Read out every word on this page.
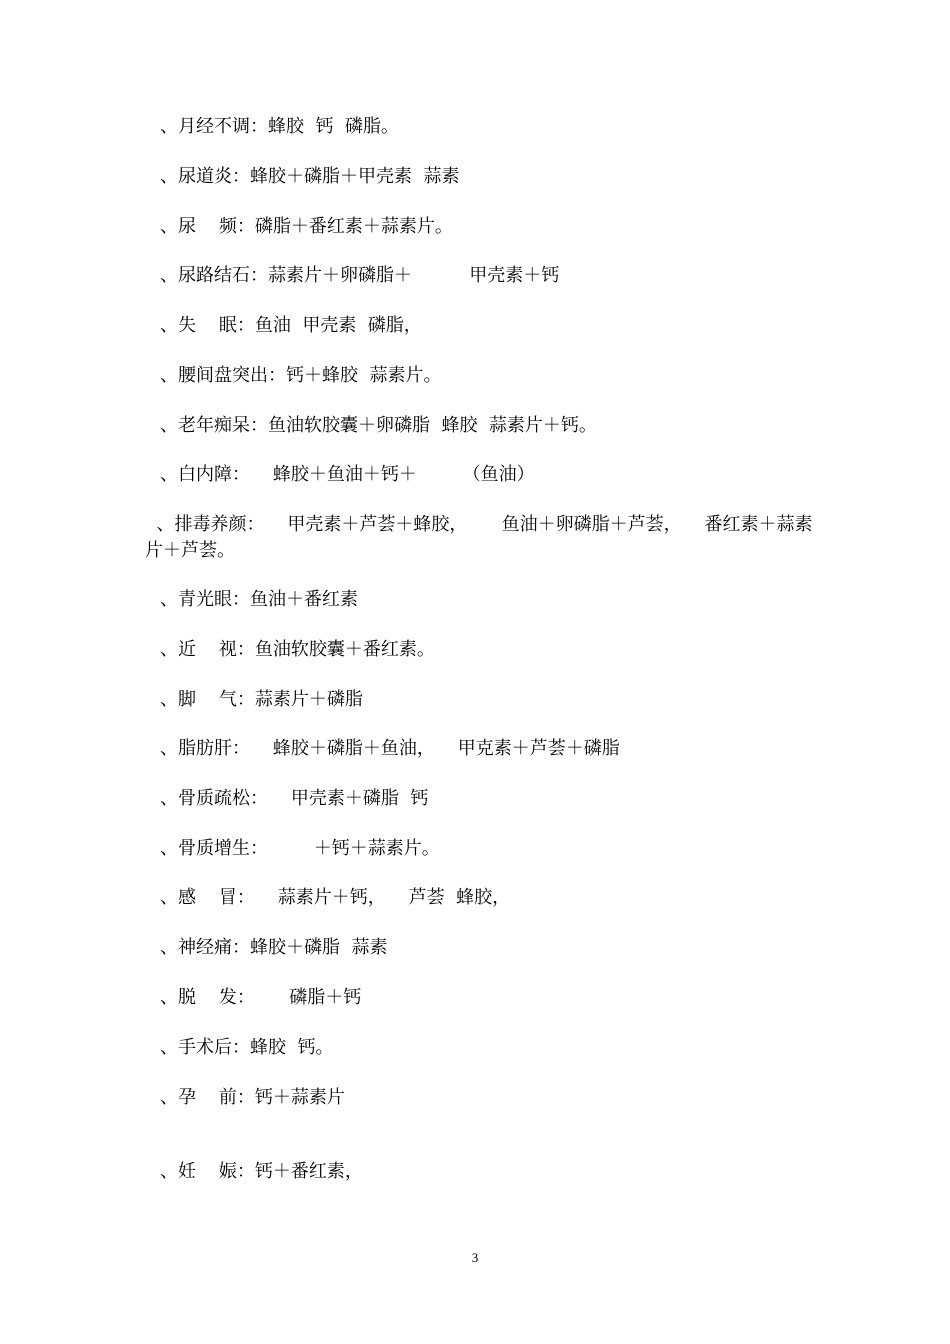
、月经不调：蜂胶  钙  磷脂。
、尿道炎：蜂胶＋磷脂＋甲壳素  蒜素
、尿    频：磷脂＋番红素＋蒜素片。
、尿路结石：蒜素片＋卵磷脂＋          甲壳素＋钙
、失    眠：鱼油  甲壳素  磷脂，
、腰间盘突出：钙＋蜂胶  蒜素片。
、老年痴呆：鱼油软胶囊＋卵磷脂  蜂胶  蒜素片＋钙。
、白内障：    蜂胶＋鱼油＋钙＋        （鱼油）
、排毒养颜：    甲壳素＋芦荟＋蜂胶，      鱼油＋卵磷脂＋芦荟，    番红素＋蒜素片＋芦荟。
、青光眼：鱼油＋番红素
、近    视：鱼油软胶囊＋番红素。
、脚    气：蒜素片＋磷脂
、脂肪肝：    蜂胶＋磷脂＋鱼油，    甲克素＋芦荟＋磷脂
、骨质疏松：    甲壳素＋磷脂  钙
、骨质增生：        ＋钙＋蒜素片。
、感    冒：    蒜素片＋钙，    芦荟  蜂胶，
、神经痛：蜂胶＋磷脂  蒜素
、脱    发：      磷脂＋钙
、手术后：蜂胶  钙。
、孕    前：钙＋蒜素片
、妊    娠：钙＋番红素，
3
